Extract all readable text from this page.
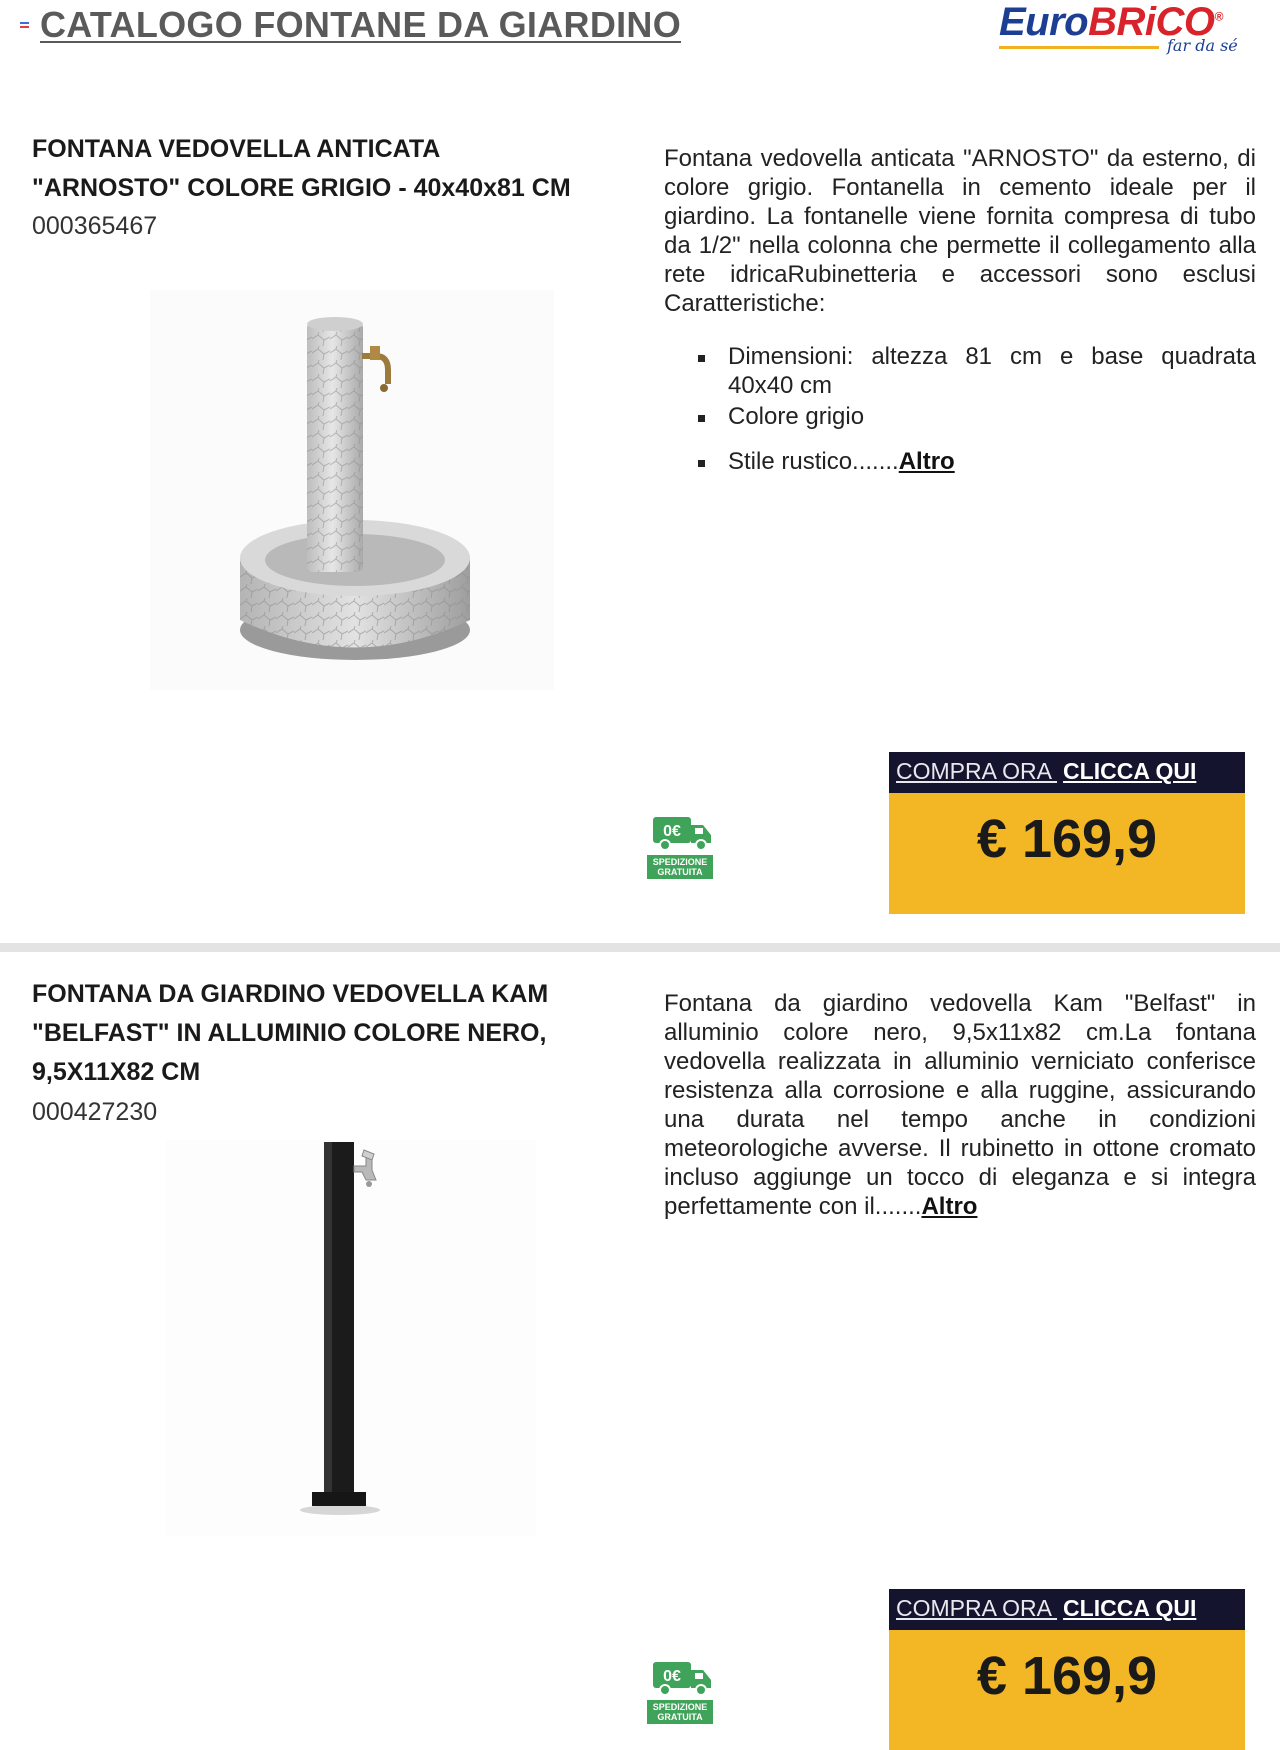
CATALOGO FONTANE DA GIARDINO	EuroBRiCO®
far da sé
FONTANA VEDOVELLA ANTICATA "ARNOSTO" COLORE GRIGIO - 40x40x81 CM
000365467
Fontana vedovella anticata "ARNOSTO" da esterno, di colore grigio. Fontanella in cemento ideale per il giardino. La fontanelle viene fornita compresa di tubo da 1/2" nella colonna che permette il collegamento alla rete idricaRubinetteria e accessori sono esclusi Caratteristiche:
Dimensioni: altezza 81 cm e base quadrata 40x40 cm
Colore grigio
Stile rustico.......Altro
0€
SPEDIZIONE
GRATUITA
COMPRA ORA CLICCA QUI
€ 169,9
FONTANA DA GIARDINO VEDOVELLA KAM "BELFAST" IN ALLUMINIO COLORE NERO, 9,5X11X82 CM
000427230
Fontana da giardino vedovella Kam "Belfast" in alluminio colore nero, 9,5x11x82 cm.La fontana vedovella realizzata in alluminio verniciato conferisce resistenza alla corrosione e alla ruggine, assicurando una durata nel tempo anche in condizioni meteorologiche avverse. Il rubinetto in ottone cromato incluso aggiunge un tocco di eleganza e si integra perfettamente con il.......Altro
0€
SPEDIZIONE
GRATUITA
COMPRA ORA CLICCA QUI
€ 169,9
